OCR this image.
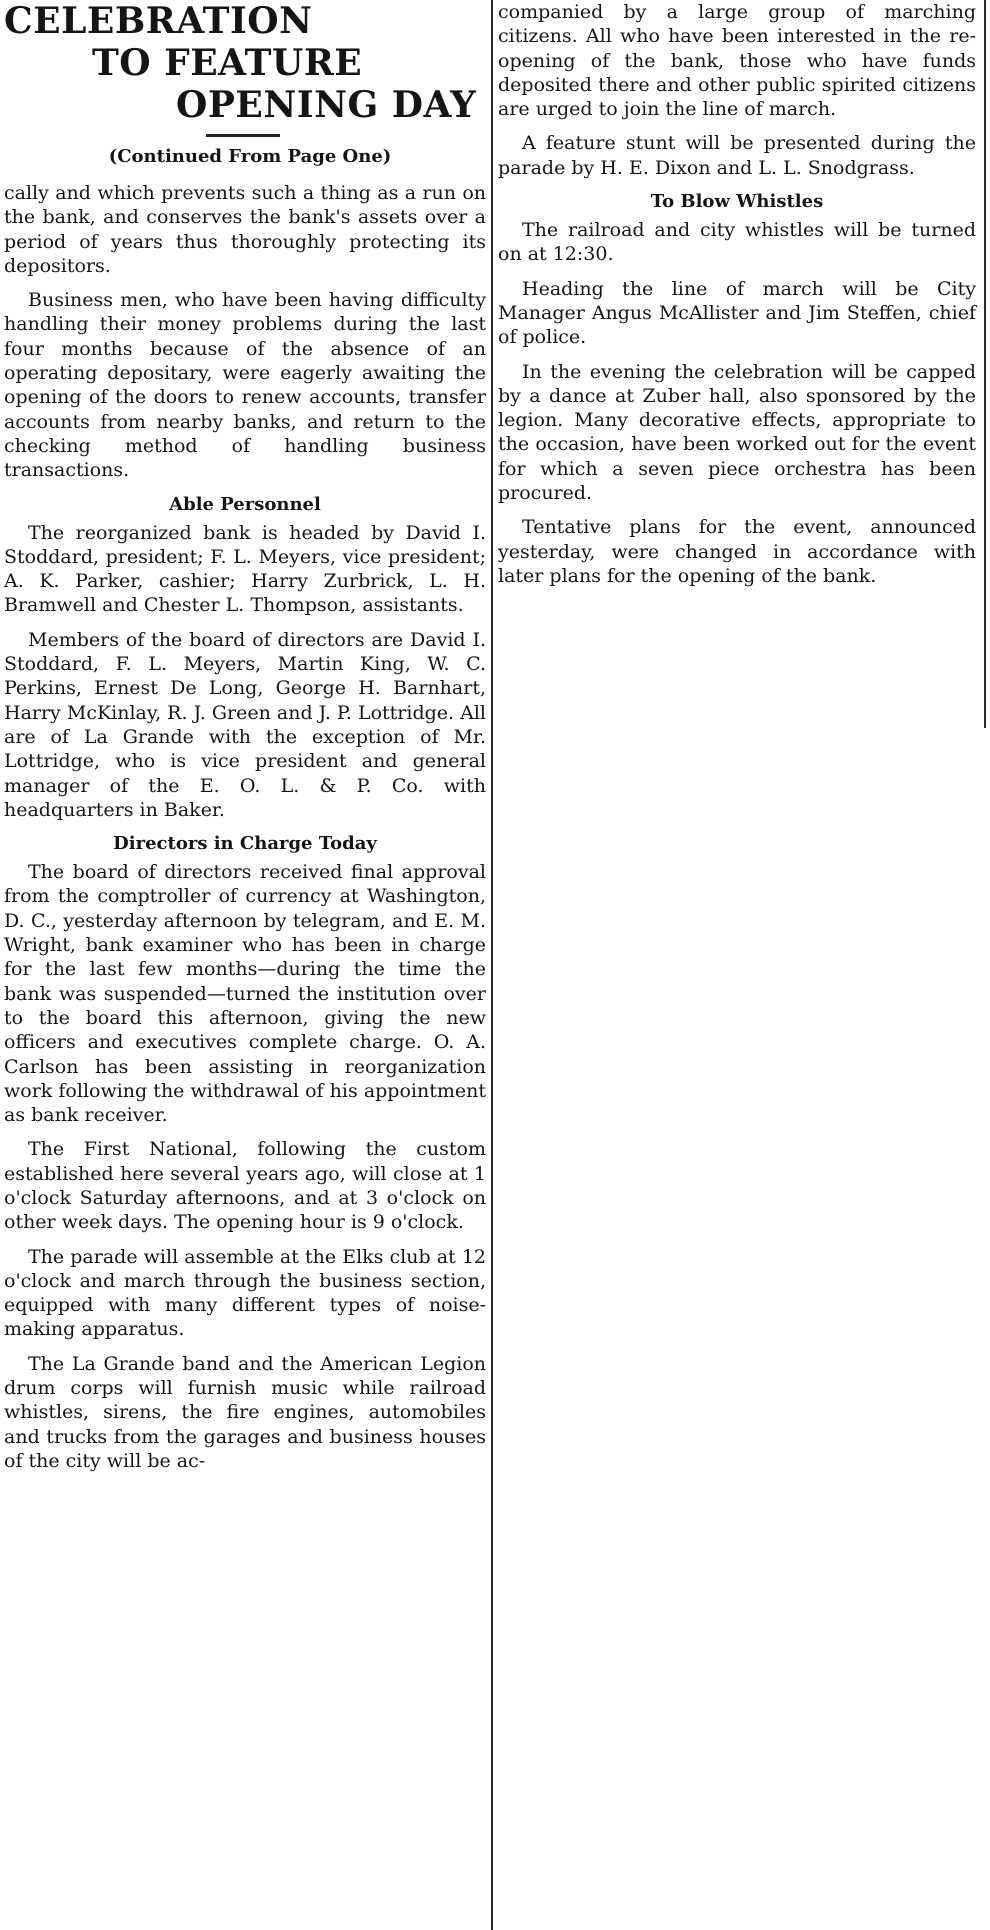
CELEBRATION
TO FEATURE
OPENING DAY
(Continued From Page One)

cally and which prevents such a thing as a run on the bank, and conserves the bank's assets over a period of years thus thoroughly protecting its depositors.

Business men, who have been having difficulty handling their money problems during the last four months because of the absence of an operating depositary, were eagerly awaiting the opening of the doors to renew accounts, transfer accounts from nearby banks, and return to the checking method of handling business transactions.

Able Personnel

The reorganized bank is headed by David I. Stoddard, president; F. L. Meyers, vice president; A. K. Parker, cashier; Harry Zurbrick, L. H. Bramwell and Chester L. Thompson, assistants.

Members of the board of directors are David I. Stoddard, F. L. Meyers, Martin King, W. C. Perkins, Ernest De Long, George H. Barnhart, Harry McKinlay, R. J. Green and J. P. Lottridge. All are of La Grande with the exception of Mr. Lottridge, who is vice president and general manager of the E. O. L. & P. Co. with headquarters in Baker.

Directors in Charge Today

The board of directors received final approval from the comptroller of currency at Washington, D. C., yesterday afternoon by telegram, and E. M. Wright, bank examiner who has been in charge for the last few months—during the time the bank was suspended—turned the institution over to the board this afternoon, giving the new officers and executives complete charge. O. A. Carlson has been assisting in reorganization work following the withdrawal of his appointment as bank receiver.

The First National, following the custom established here several years ago, will close at 1 o'clock Saturday afternoons, and at 3 o'clock on other week days. The opening hour is 9 o'clock.

The parade will assemble at the Elks club at 12 o'clock and march through the business section, equipped with many different types of noise-making apparatus.

The La Grande band and the American Legion drum corps will furnish music while railroad whistles, sirens, the fire engines, automobiles and trucks from the garages and business houses of the city will be ac-

companied by a large group of marching citizens. All who have been interested in the re-opening of the bank, those who have funds deposited there and other public spirited citizens are urged to join the line of march.

A feature stunt will be presented during the parade by H. E. Dixon and L. L. Snodgrass.

To Blow Whistles

The railroad and city whistles will be turned on at 12:30.

Heading the line of march will be City Manager Angus McAllister and Jim Steffen, chief of police.

In the evening the celebration will be capped by a dance at Zuber hall, also sponsored by the legion. Many decorative effects, appropriate to the occasion, have been worked out for the event for which a seven piece orchestra has been procured.

Tentative plans for the event, announced yesterday, were changed in accordance with later plans for the opening of the bank.
